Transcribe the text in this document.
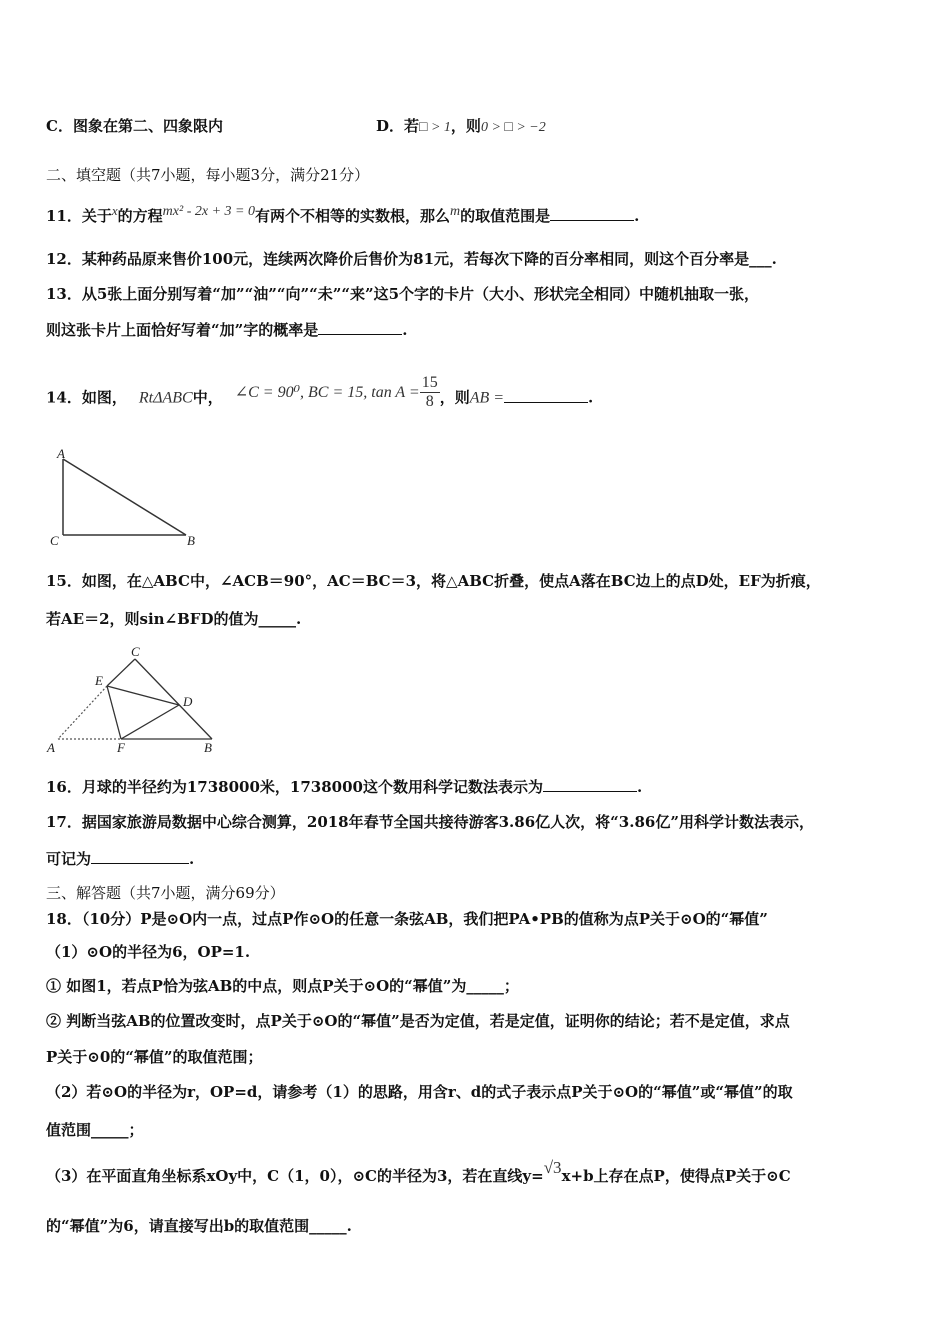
C．图象在第二、四象限内	D．若□ > 1，则0 > □ > −2
二、填空题（共7小题，每小题3分，满分21分）
11．关于$^x$的方程$^{mx^2 - 2x + 3 = 0}$有两个不相等的实数根，那么$^m$的取值范围是	.
12．某种药品原来售价100元，连续两次降价后售价为81元，若每次下降的百分率相同，则这个百分率是___.
13．从5张上面分别写着“加”“油”“向”“未”“来”这5个字的卡片（大小、形状完全相同）中随机抽取一张，
则这张卡片上面恰好写着“加”字的概率是	.
14．如图， RtΔABC中， ∠C = 90⁰, BC = 15, $\tan A = \frac{15}{8}$ ，则AB =	.
A
C	B
15．如图，在△ABC中，∠ACB＝90°，AC＝BC＝3，将△ABC折叠，使点A落在BC边上的点D处，EF为折痕，
若AE＝2，则sin∠BFD的值为_____.
C
E
D
A	F	B
16．月球的半径约为1738000米，1738000这个数用科学记数法表示为	.
17．据国家旅游局数据中心综合测算，2018年春节全国共接待游客3.86亿人次，将“3.86亿”用科学计数法表示，
可记为	.
三、解答题（共7小题，满分69分）
18．（10分）P是⊙O内一点，过点P作⊙O的任意一条弦AB，我们把PA•PB的值称为点P关于⊙O的“幂值”
（1）⊙O的半径为6，OP=1.
① 如图1，若点P恰为弦AB的中点，则点P关于⊙O的“幂值”为_____；
② 判断当弦AB的位置改变时，点P关于⊙O的“幂值”是否为定值，若是定值，证明你的结论；若不是定值，求点
P关于⊙0的“幂值”的取值范围；
（2）若⊙O的半径为r，OP=d，请参考（1）的思路，用含r、d的式子表示点P关于⊙O的“幂值”或“幂值”的取
值范围_____；
（3）在平面直角坐标系xOy中，C（1，0），⊙C的半径为3，若在直线y=√3x+b上存在点P，使得点P关于⊙C
的“幂值”为6，请直接写出b的取值范围_____.
